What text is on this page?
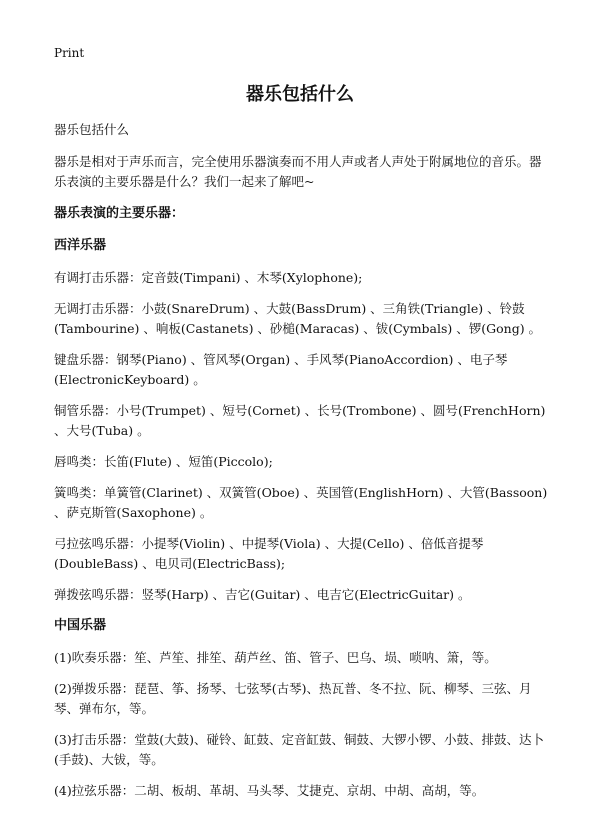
Print
器乐包括什么

器乐包括什么

器乐是相对于声乐而言，完全使用乐器演奏而不用人声或者人声处于附属地位的音乐。器乐表演的主要乐器是什么？我们一起来了解吧~

器乐表演的主要乐器：

西洋乐器

有调打击乐器：定音鼓(Timpani) 、木琴(Xylophone);

无调打击乐器：小鼓(SnareDrum) 、大鼓(BassDrum) 、三角铁(Triangle) 、铃鼓(Tambourine) 、响板(Castanets) 、砂槌(Maracas) 、钹(Cymbals) 、锣(Gong) 。

键盘乐器：钢琴(Piano) 、管风琴(Organ) 、手风琴(PianoAccordion) 、电子琴(ElectronicKeyboard) 。

铜管乐器：小号(Trumpet) 、短号(Cornet) 、长号(Trombone) 、圆号(FrenchHorn) 、大号(Tuba) 。

唇鸣类：长笛(Flute) 、短笛(Piccolo);

簧鸣类：单簧管(Clarinet) 、双簧管(Oboe) 、英国管(EnglishHorn) 、大管(Bassoon) 、萨克斯管(Saxophone) 。

弓拉弦鸣乐器：小提琴(Violin) 、中提琴(Viola) 、大提(Cello) 、倍低音提琴(DoubleBass) 、电贝司(ElectricBass);

弹拨弦鸣乐器：竖琴(Harp) 、吉它(Guitar) 、电吉它(ElectricGuitar) 。

中国乐器

(1)吹奏乐器：笙、芦笙、排笙、葫芦丝、笛、管子、巴乌、埙、唢呐、箫，等。

(2)弹拨乐器：琵琶、筝、扬琴、七弦琴(古琴)、热瓦普、冬不拉、阮、柳琴、三弦、月琴、弹布尔，等。

(3)打击乐器：堂鼓(大鼓)、碰铃、缸鼓、定音缸鼓、铜鼓、大锣小锣、小鼓、排鼓、达卜(手鼓)、大钹，等。

(4)拉弦乐器：二胡、板胡、革胡、马头琴、艾捷克、京胡、中胡、高胡，等。
